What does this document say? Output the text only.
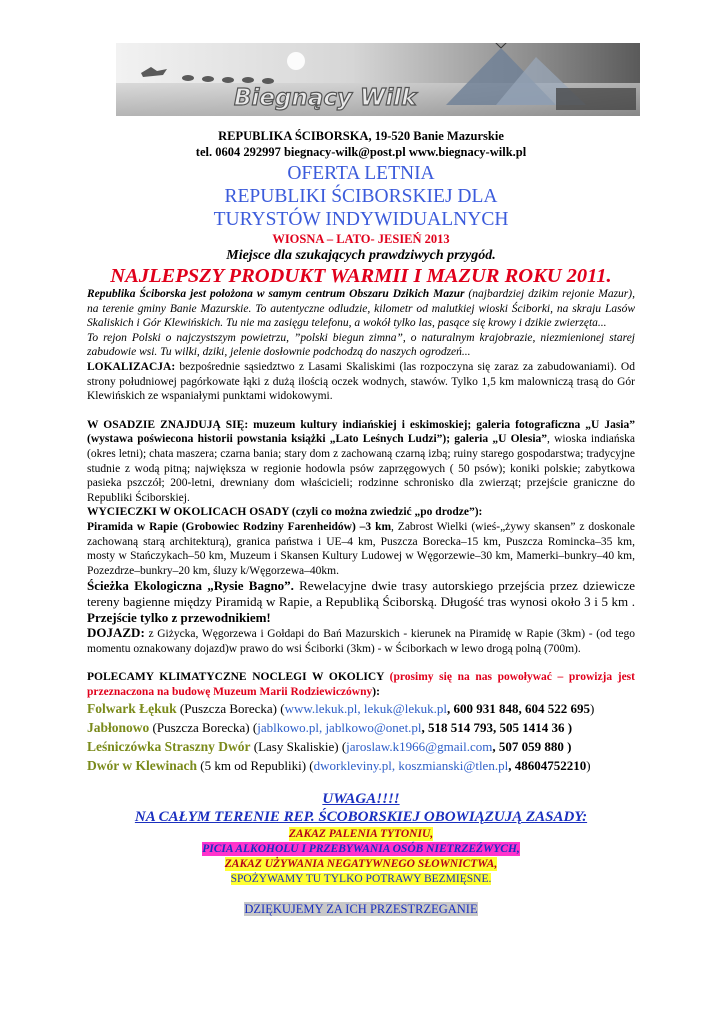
Biegnący Wilk

REPUBLIKA ŚCIBORSKA, 19-520 Banie Mazurskie

tel. 0604 292997 biegnacy-wilk@post.pl www.biegnacy-wilk.pl

OFERTA LETNIA

REPUBLIKI ŚCIBORSKIEJ DLA

TURYSTÓW INDYWIDUALNYCH

WIOSNA – LATO- JESIEŃ 2013

Miejsce dla szukających prawdziwych przygód.

NAJLEPSZY PRODUKT WARMII I MAZUR ROKU 2011.

Republika Ściborska jest położona w samym centrum Obszaru Dzikich Mazur (najbardziej dzikim rejonie Mazur), na terenie gminy Banie Mazurskie. To autentyczne odludzie, kilometr od malutkiej wioski Ściborki, na skraju Lasów Skaliskich i Gór Klewińskich. Tu nie ma zasięgu telefonu, a wokół tylko las, pasące się krowy i dzikie zwierzęta...

To rejon Polski o najczystszym powietrzu, ”polski biegun zimna”, o naturalnym krajobrazie, niezmienionej starej zabudowie wsi. Tu wilki, dziki, jelenie dosłownie podchodzą do naszych ogrodzeń...

LOKALIZACJA: bezpośrednie sąsiedztwo z Lasami Skaliskimi (las rozpoczyna się zaraz za zabudowaniami). Od strony południowej pagórkowate łąki z dużą ilością oczek wodnych, stawów. Tylko 1,5 km malowniczą trasą do Gór Klewińskich ze wspaniałymi punktami widokowymi.

W OSADZIE ZNAJDUJĄ SIĘ: muzeum kultury indiańskiej i eskimoskiej; galeria fotograficzna „U Jasia” (wystawa poświecona historii powstania książki „Lato Leśnych Ludzi”); galeria „U Olesia”, wioska indiańska (okres letni); chata maszera; czarna bania; stary dom z zachowaną czarną izbą; ruiny starego gospodarstwa; tradycyjne studnie z wodą pitną; największa w regionie hodowla psów zaprzęgowych ( 50 psów); koniki polskie; zabytkowa pasieka pszczół; 200-letni, drewniany dom właścicieli; rodzinne schronisko dla zwierząt; przejście graniczne do Republiki Ściborskiej.

WYCIECZKI W OKOLICACH OSADY (czyli co można zwiedzić „po drodze”):

Piramida w Rapie (Grobowiec Rodziny Farenheidów) –3 km, Zabrost Wielki (wieś-„żywy skansen” z doskonale zachowaną starą architekturą), granica państwa i UE–4 km, Puszcza Borecka–15 km, Puszcza Romincka–35 km, mosty w Stańczykach–50 km, Muzeum i Skansen Kultury Ludowej w Węgorzewie–30 km, Mamerki–bunkry–40 km, Pozezdrze–bunkry–20 km, śluzy k/Węgorzewa–40km.

Ścieżka Ekologiczna „Rysie Bagno”. Rewelacyjne dwie trasy autorskiego przejścia przez dziewicze tereny bagienne między Piramidą w Rapie, a Republiką Ściborską. Długość tras wynosi około 3 i 5 km . Przejście tylko z przewodnikiem!

DOJAZD: z Giżycka, Węgorzewa i Gołdapi do Bań Mazurskich - kierunek na Piramidę w Rapie (3km) - (od tego momentu oznakowany dojazd)w prawo do wsi Ściborki (3km) - w Ściborkach w lewo drogą polną (700m).

POLECAMY KLIMATYCZNE NOCLEGI W OKOLICY (prosimy się na nas powoływać – prowizja jest przeznaczona na budowę Muzeum Marii Rodziewiczówny):

Folwark Łękuk (Puszcza Borecka) (www.lekuk.pl, lekuk@lekuk.pl, 600 931 848, 604 522 695)

Jabłonowo (Puszcza Borecka) (jablkowo.pl, jablkowo@onet.pl, 518 514 793, 505 1414 36 )

Leśniczówka Straszny Dwór (Lasy Skaliskie) (jaroslaw.k1966@gmail.com, 507 059 880 )

Dwór w Klewinach (5 km od Republiki) (dworkleviny.pl, koszmianski@tlen.pl, 48604752210)

UWAGA!!!!

NA CAŁYM TERENIE REP. ŚCOBORSKIEJ OBOWIĄZUJĄ ZASADY:

ZAKAZ PALENIA TYTONIU,

PICIA ALKOHOLU I PRZEBYWANIA OSÓB NIETRZEŹWYCH,

ZAKAZ UŻYWANIA NEGATYWNEGO SŁOWNICTWA,

SPOŻYWAMY TU TYLKO POTRAWY BEZMIĘSNE.

DZIĘKUJEMY ZA ICH PRZESTRZEGANIE
